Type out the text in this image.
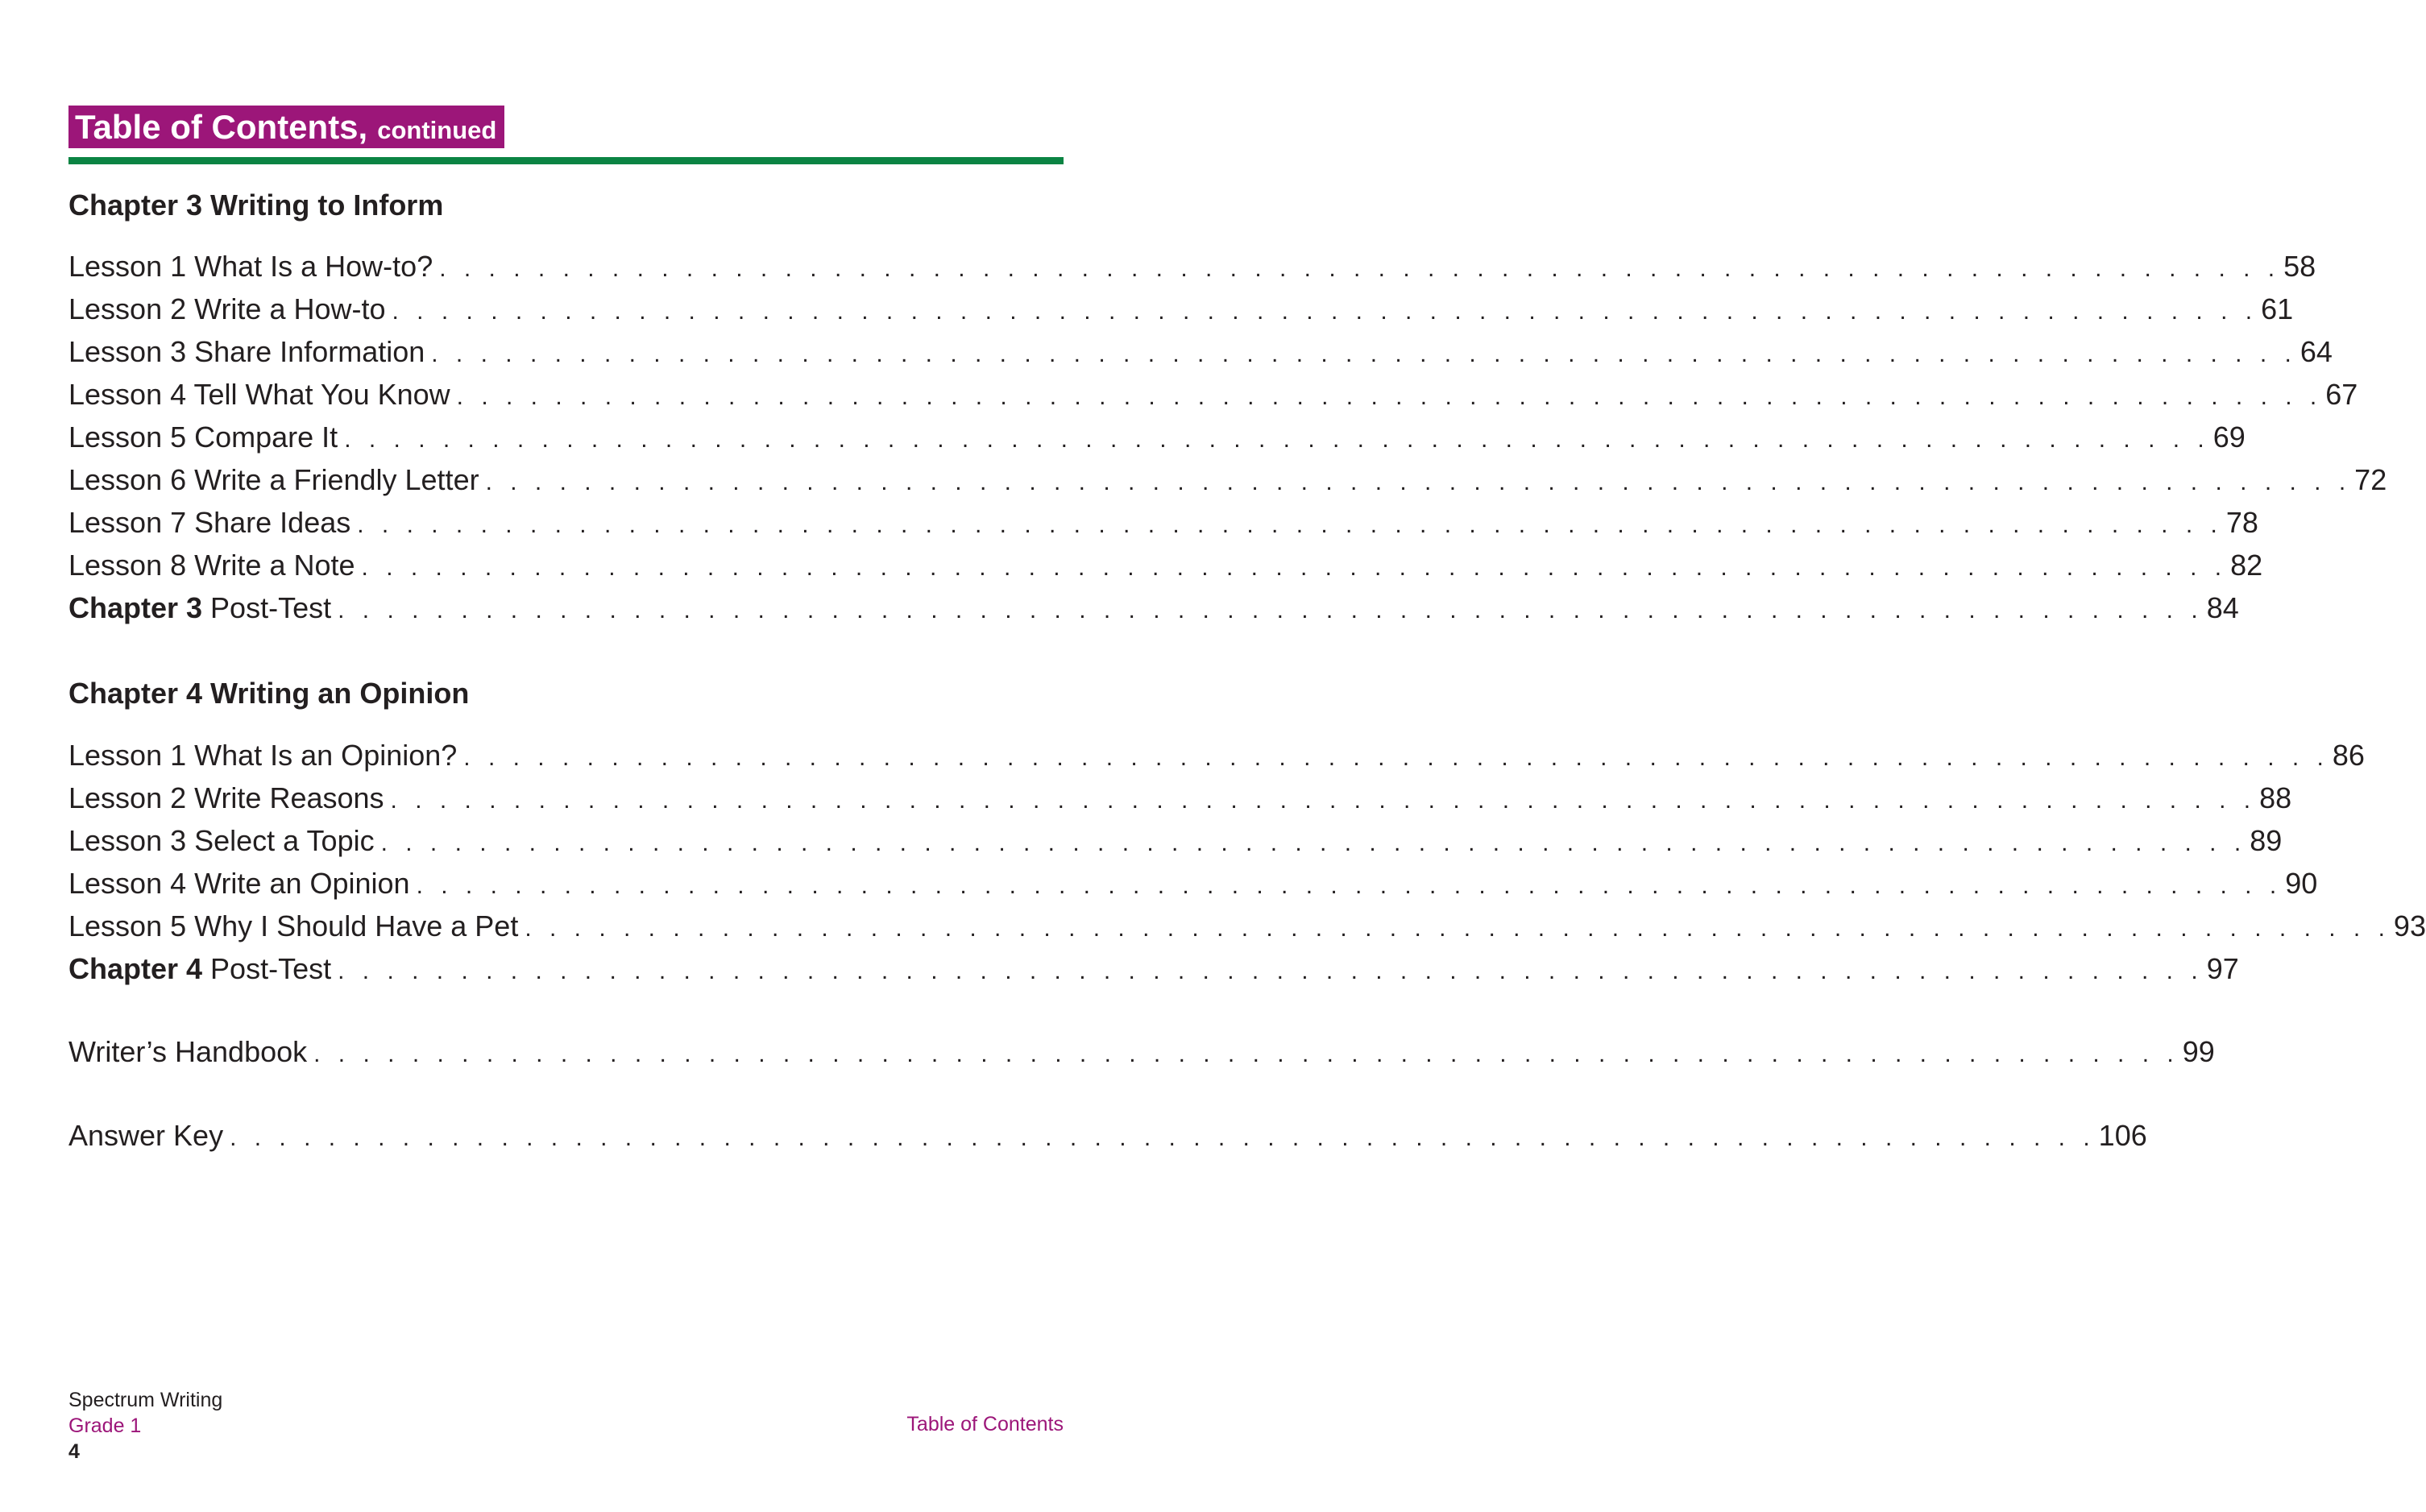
Table of Contents, continued
Chapter 3 Writing to Inform
Lesson 1 What Is a How-to? . . . . . . . . . . . . . . . . . . . . . . . . . . . . . . . . . . . . . . . . . . . . . . . . . . . . . . . . . . . . . . . . . . . . . . . . . . . 58
Lesson 2 Write a How-to . . . . . . . . . . . . . . . . . . . . . . . . . . . . . . . . . . . . . . . . . . . . . . . . . . . . . . . . . . . . . . . . . . . . . . . . . . . . 61
Lesson 3 Share Information . . . . . . . . . . . . . . . . . . . . . . . . . . . . . . . . . . . . . . . . . . . . . . . . . . . . . . . . . . . . . . . . . . . . . . . . . . . . 64
Lesson 4 Tell What You Know . . . . . . . . . . . . . . . . . . . . . . . . . . . . . . . . . . . . . . . . . . . . . . . . . . . . . . . . . . . . . . . . . . . . . . . . . . . . 67
Lesson 5 Compare It . . . . . . . . . . . . . . . . . . . . . . . . . . . . . . . . . . . . . . . . . . . . . . . . . . . . . . . . . . . . . . . . . . . . . . . . . . . . 69
Lesson 6 Write a Friendly Letter . . . . . . . . . . . . . . . . . . . . . . . . . . . . . . . . . . . . . . . . . . . . . . . . . . . . . . . . . . . . . . . . . . . . . . . . . . . . 72
Lesson 7 Share Ideas . . . . . . . . . . . . . . . . . . . . . . . . . . . . . . . . . . . . . . . . . . . . . . . . . . . . . . . . . . . . . . . . . . . . . . . . . . . . 78
Lesson 8 Write a Note . . . . . . . . . . . . . . . . . . . . . . . . . . . . . . . . . . . . . . . . . . . . . . . . . . . . . . . . . . . . . . . . . . . . . . . . . . . . 82
Chapter 3 Post-Test . . . . . . . . . . . . . . . . . . . . . . . . . . . . . . . . . . . . . . . . . . . . . . . . . . . . . . . . . . . . . . . . . . . . . . . . . . . . 84
Chapter 4 Writing an Opinion
Lesson 1 What Is an Opinion? . . . . . . . . . . . . . . . . . . . . . . . . . . . . . . . . . . . . . . . . . . . . . . . . . . . . . . . . . . . . . . . . . . . . . . . . . . . . 86
Lesson 2 Write Reasons . . . . . . . . . . . . . . . . . . . . . . . . . . . . . . . . . . . . . . . . . . . . . . . . . . . . . . . . . . . . . . . . . . . . . . . . . . . . 88
Lesson 3 Select a Topic . . . . . . . . . . . . . . . . . . . . . . . . . . . . . . . . . . . . . . . . . . . . . . . . . . . . . . . . . . . . . . . . . . . . . . . . . . . . 89
Lesson 4 Write an Opinion . . . . . . . . . . . . . . . . . . . . . . . . . . . . . . . . . . . . . . . . . . . . . . . . . . . . . . . . . . . . . . . . . . . . . . . . . . . . 90
Lesson 5 Why I Should Have a Pet . . . . . . . . . . . . . . . . . . . . . . . . . . . . . . . . . . . . . . . . . . . . . . . . . . . . . . . . . . . . . . . . . . . . . . . . . . . . 93
Chapter 4 Post-Test . . . . . . . . . . . . . . . . . . . . . . . . . . . . . . . . . . . . . . . . . . . . . . . . . . . . . . . . . . . . . . . . . . . . . . . . . . . . 97
Writer’s Handbook . . . . . . . . . . . . . . . . . . . . . . . . . . . . . . . . . . . . . . . . . . . . . . . . . . . . . . . . . . . . . . . . . . . . . . . . . . . . 99
Answer Key . . . . . . . . . . . . . . . . . . . . . . . . . . . . . . . . . . . . . . . . . . . . . . . . . . . . . . . . . . . . . . . . . . . . . . . . . . . . 106
Spectrum Writing
Grade 1
4
Table of Contents
